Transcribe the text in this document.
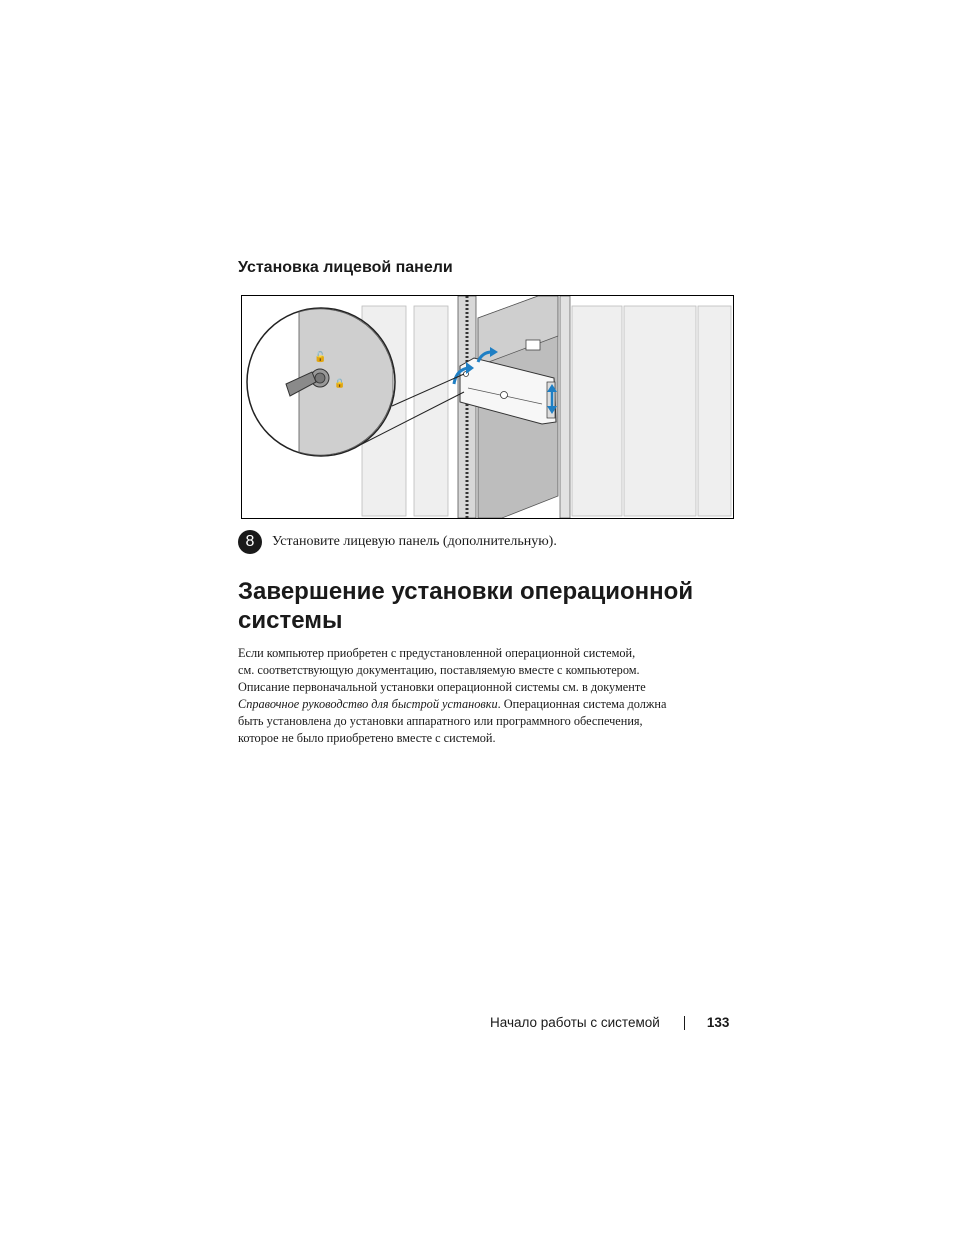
Установка лицевой панели
🔓
🔒
8	Установите лицевую панель (дополнительную).
Завершение установки операционной системы

Если компьютер приобретен с предустановленной операционной системой,
см. соответствующую документацию, поставляемую вместе с компьютером.
Описание первоначальной установки операционной системы см. в документе
Справочное руководство для быстрой установки. Операционная система должна
быть установлена до установки аппаратного или программного обеспечения,
которое не было приобретено вместе с системой.

Начало работы с системой	133
